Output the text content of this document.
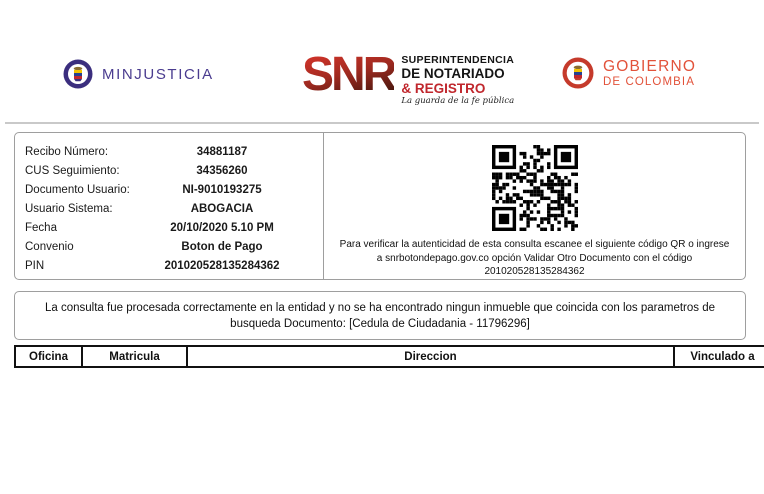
MINJUSTICIA SNR SUPERINTENDENCIA
DE NOTARIADO
& REGISTRO
La guarda de la fe pública
GOBIERNO
DE COLOMBIA
Recibo Número:	34881187
CUS Seguimiento:	34356260
Documento Usuario:	NI-9010193275
Usuario Sistema:	ABOGACIA
Fecha	20/10/2020 5.10 PM
Convenio	Boton de Pago
PIN	201020528135284362

Para verificar la autenticidad de esta consulta escanee el siguiente código QR o ingrese a snrbotondepago.gov.co opción Validar Otro Documento con el código 201020528135284362

La consulta fue procesada correctamente en la entidad y no se ha encontrado ningun inmueble que coincida con los parametros de busqueda Documento: [Cedula de Ciudadania - 11796296]

Oficina	Matricula	Direccion	Vinculado a
